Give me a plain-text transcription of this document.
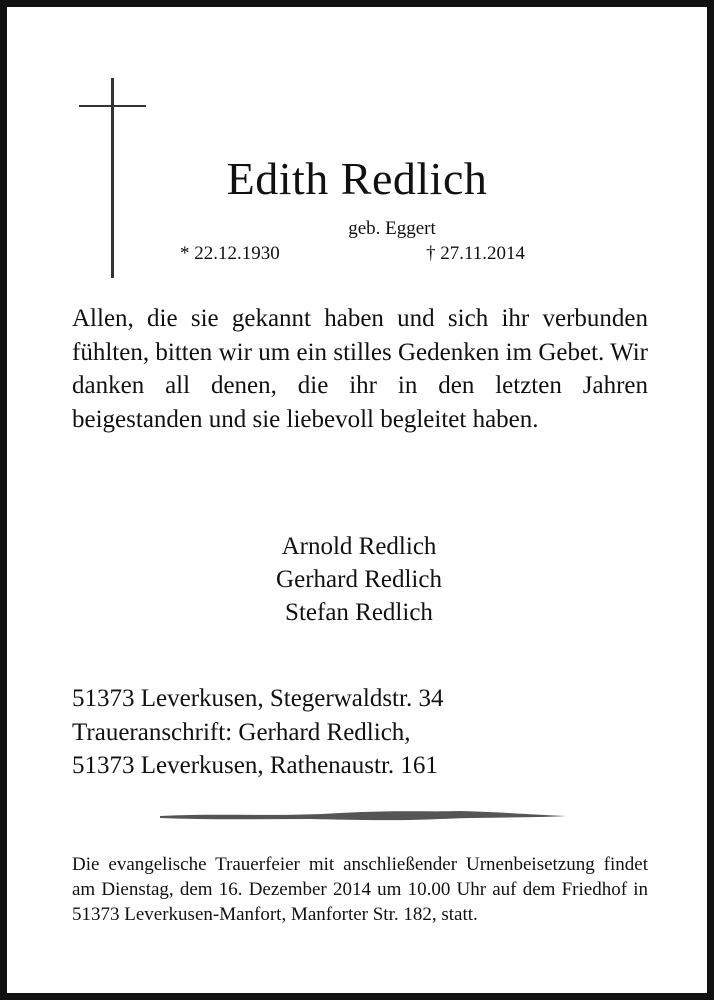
Edith Redlich
geb. Eggert
* 22.12.1930	† 27.11.2014
Allen, die sie gekannt haben und sich ihr verbunden fühlten, bitten wir um ein stilles Gedenken im Gebet. Wir danken all denen, die ihr in den letzten Jahren beigestanden und sie liebevoll begleitet haben.
Arnold Redlich
Gerhard Redlich
Stefan Redlich
51373 Leverkusen, Stegerwaldstr. 34
Traueranschrift: Gerhard Redlich,
51373 Leverkusen, Rathenaustr. 161
Die evangelische Trauerfeier mit anschließender Urnenbeisetzung findet am Dienstag, dem 16. Dezember 2014 um 10.00 Uhr auf dem Friedhof in 51373 Leverkusen-Manfort, Manforter Str. 182, statt.
